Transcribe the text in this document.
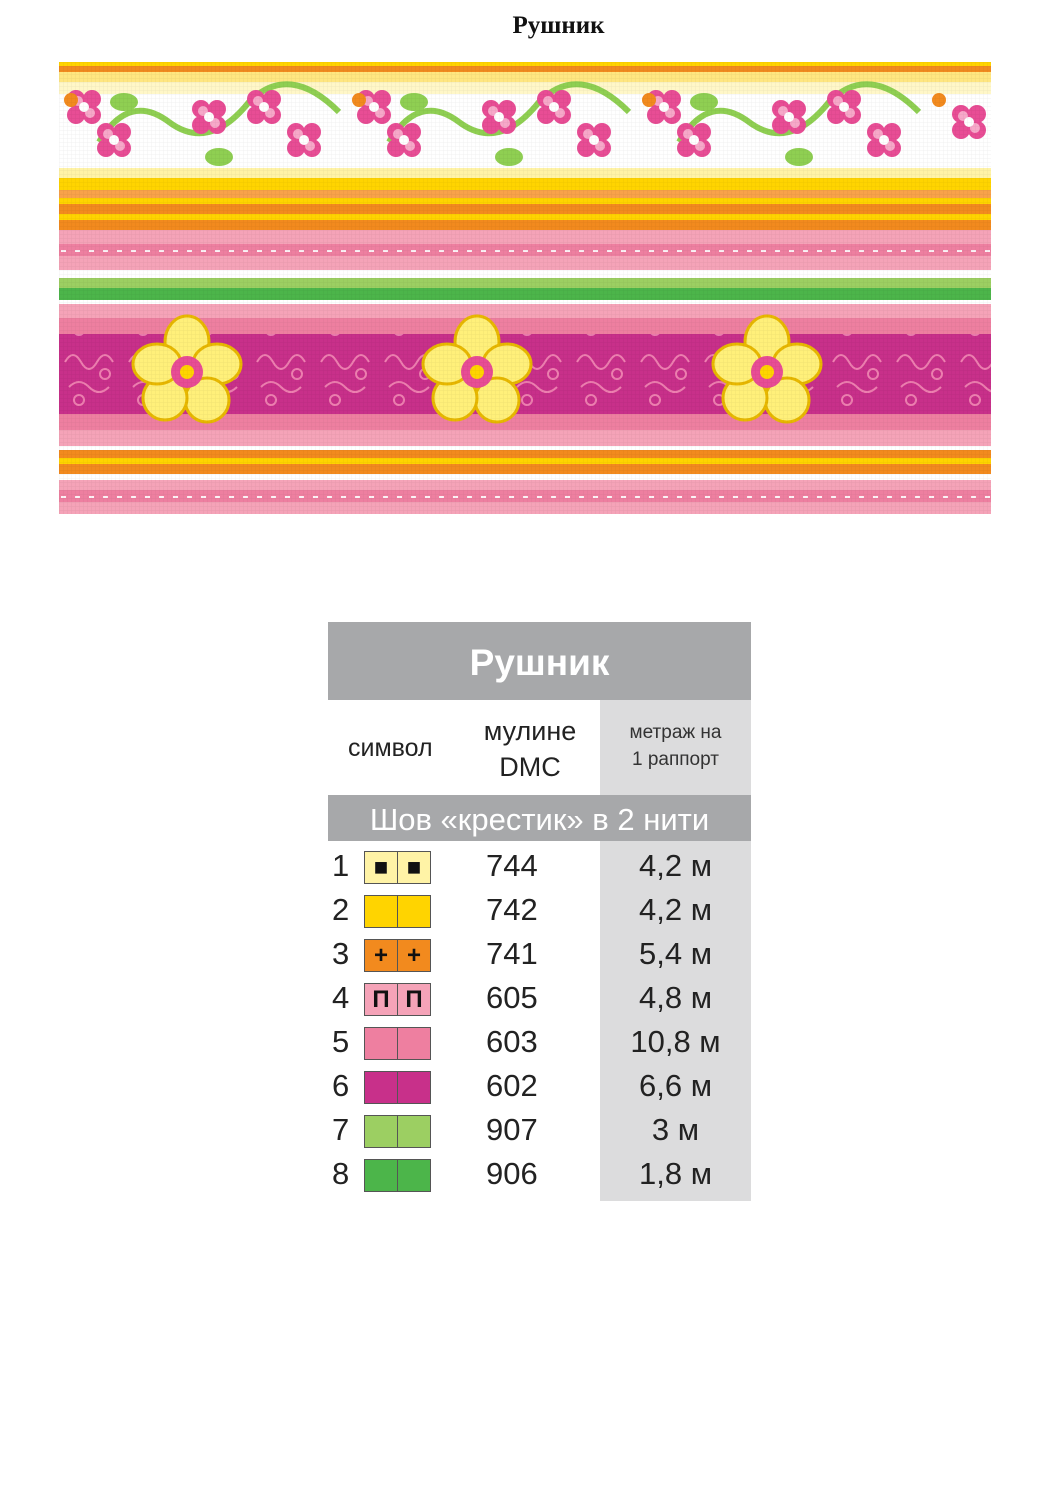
Рушник
Рушник
символ
мулине
DMC
метраж на
1 раппорт
Шов «крестик» в 2 нити
1	■ ■ 744	4,2 м
2	742	4,2 м
3	+ + 741	5,4 м
4 П П 605	4,8 м
5	603	10,8 м
6	602	6,6 м
7	907	3 м
8	906	1,8 м
